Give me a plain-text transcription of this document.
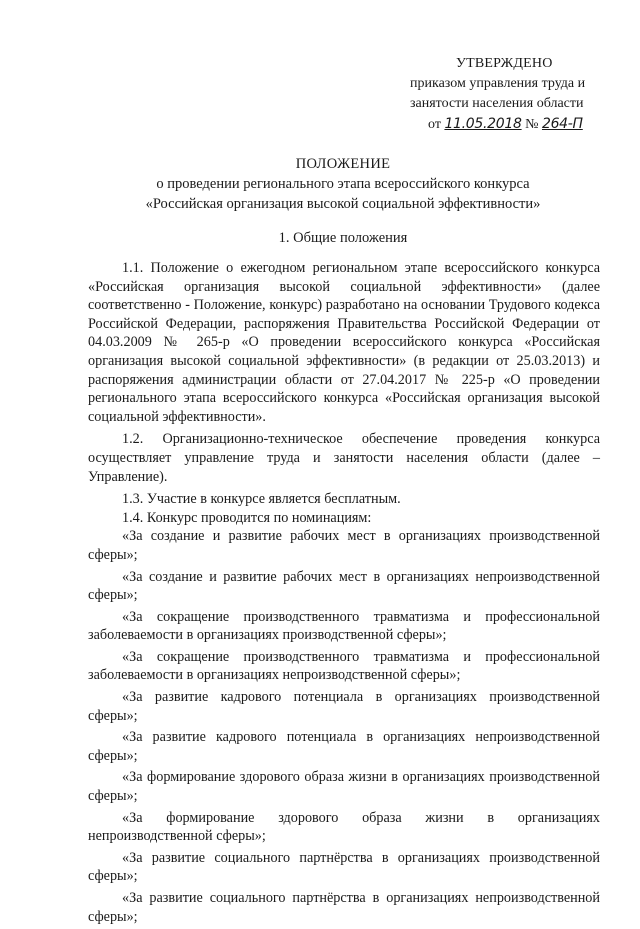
УТВЕРЖДЕНО
приказом управления труда и
занятости населения области
от 11.05.2018 № 264-П
ПОЛОЖЕНИЕ
о проведении регионального этапа всероссийского конкурса
«Российская организация высокой социальной эффективности»
1. Общие положения

1.1. Положение о ежегодном региональном этапе всероссийского конкурса «Российская организация высокой социальной эффективности» (далее соответственно - Положение, конкурс) разработано на основании Трудового кодекса Российской Федерации, распоряжения Правительства Российской Федерации от 04.03.2009 № 265-р «О проведении всероссийского конкурса «Российская организация высокой социальной эффективности» (в редакции от 25.03.2013) и распоряжения администрации области от 27.04.2017 № 225-р «О проведении регионального этапа всероссийского конкурса «Российская организация высокой социальной эффективности».

1.2. Организационно-техническое обеспечение проведения конкурса осуществляет управление труда и занятости населения области (далее – Управление).

1.3. Участие в конкурсе является бесплатным.

1.4. Конкурс проводится по номинациям:

«За создание и развитие рабочих мест в организациях производственной сферы»;

«За создание и развитие рабочих мест в организациях непроизводственной сферы»;

«За сокращение производственного травматизма и профессиональной заболеваемости в организациях производственной сферы»;

«За сокращение производственного травматизма и профессиональной заболеваемости в организациях непроизводственной сферы»;

«За развитие кадрового потенциала в организациях производственной сферы»;

«За развитие кадрового потенциала в организациях непроизводственной сферы»;

«За формирование здорового образа жизни в организациях производственной сферы»;

«За формирование здорового образа жизни в организациях непроизводственной сферы»;

«За развитие социального партнёрства в организациях производственной сферы»;

«За развитие социального партнёрства в организациях непроизводственной сферы»;
